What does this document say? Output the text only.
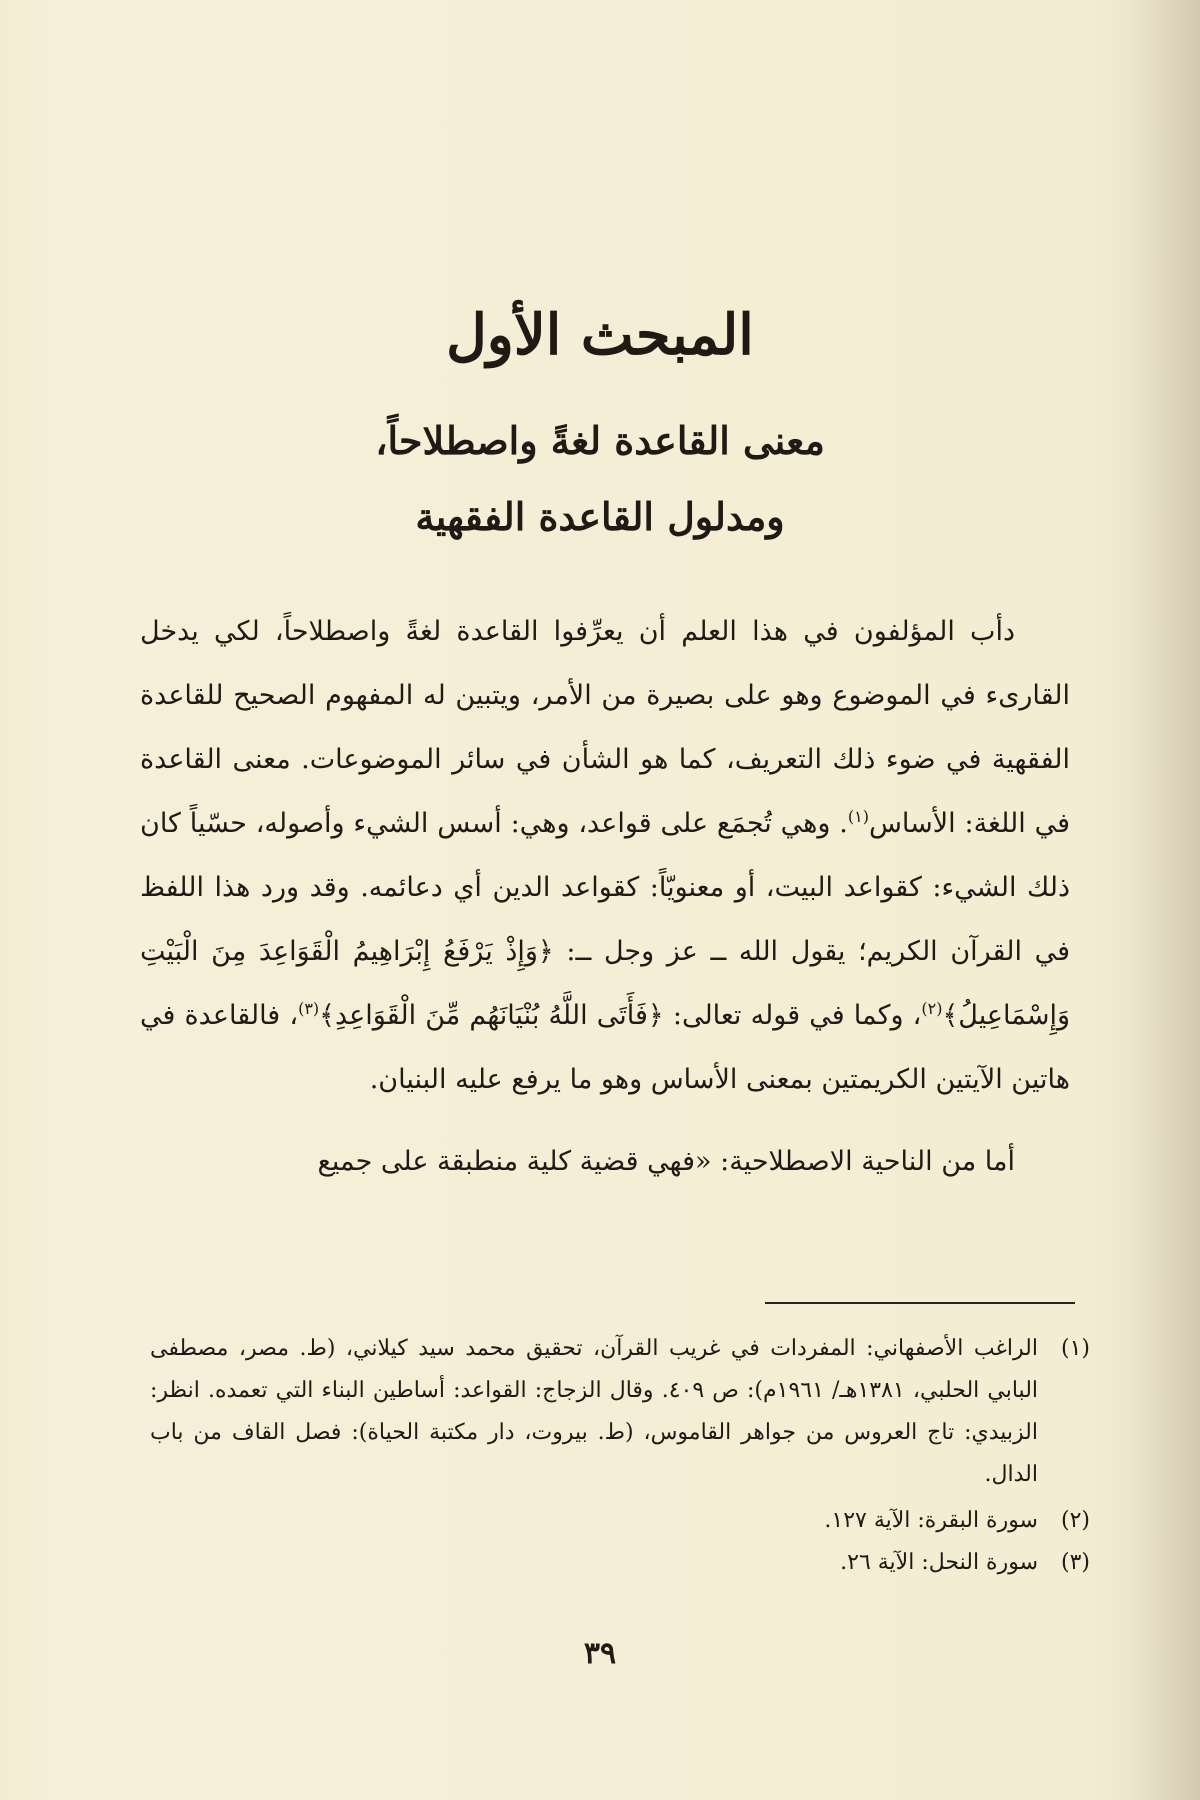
المبحث الأول
معنى القاعدة لغةً واصطلاحاً،
ومدلول القاعدة الفقهية

دأب المؤلفون في هذا العلم أن يعرِّفوا القاعدة لغةً واصطلاحاً، لكي يدخل القارىء في الموضوع وهو على بصيرة من الأمر، ويتبين له المفهوم الصحيح للقاعدة الفقهية في ضوء ذلك التعريف، كما هو الشأن في سائر الموضوعات. معنى القاعدة في اللغة: الأساس$^{(١)}$. وهي تُجمَع على قواعد، وهي: أسس الشيء وأصوله، حسّياً كان ذلك الشيء: كقواعد البيت، أو معنويّاً: كقواعد الدين أي دعائمه. وقد ورد هذا اللفظ في القرآن الكريم؛ يقول الله ــ عز وجل ــ: ﴿وَإِذْ يَرْفَعُ إِبْرَاهِيمُ الْقَوَاعِدَ مِنَ الْبَيْتِ وَإِسْمَاعِيلُ﴾$^{(٢)}$، وكما في قوله تعالى: ﴿فَأَتَى اللَّهُ بُنْيَانَهُم مِّنَ الْقَوَاعِدِ﴾$^{(٣)}$، فالقاعدة في هاتين الآيتين الكريمتين بمعنى الأساس وهو ما يرفع عليه البنيان.

أما من الناحية الاصطلاحية: «فهي قضية كلية منطبقة على جميع

(١)
الراغب الأصفهاني: المفردات في غريب القرآن، تحقيق محمد سيد كيلاني، (ط. مصر، مصطفى البابي الحلبي، ١٣٨١هـ/ ١٩٦١م): ص ٤٠٩. وقال الزجاج: القواعد: أساطين البناء التي تعمده. انظر: الزبيدي: تاج العروس من جواهر القاموس، (ط. بيروت، دار مكتبة الحياة): فصل القاف من باب الدال.
(٢)
سورة البقرة: الآية ١٢٧.
(٣)
سورة النحل: الآية ٢٦.
٣٩
